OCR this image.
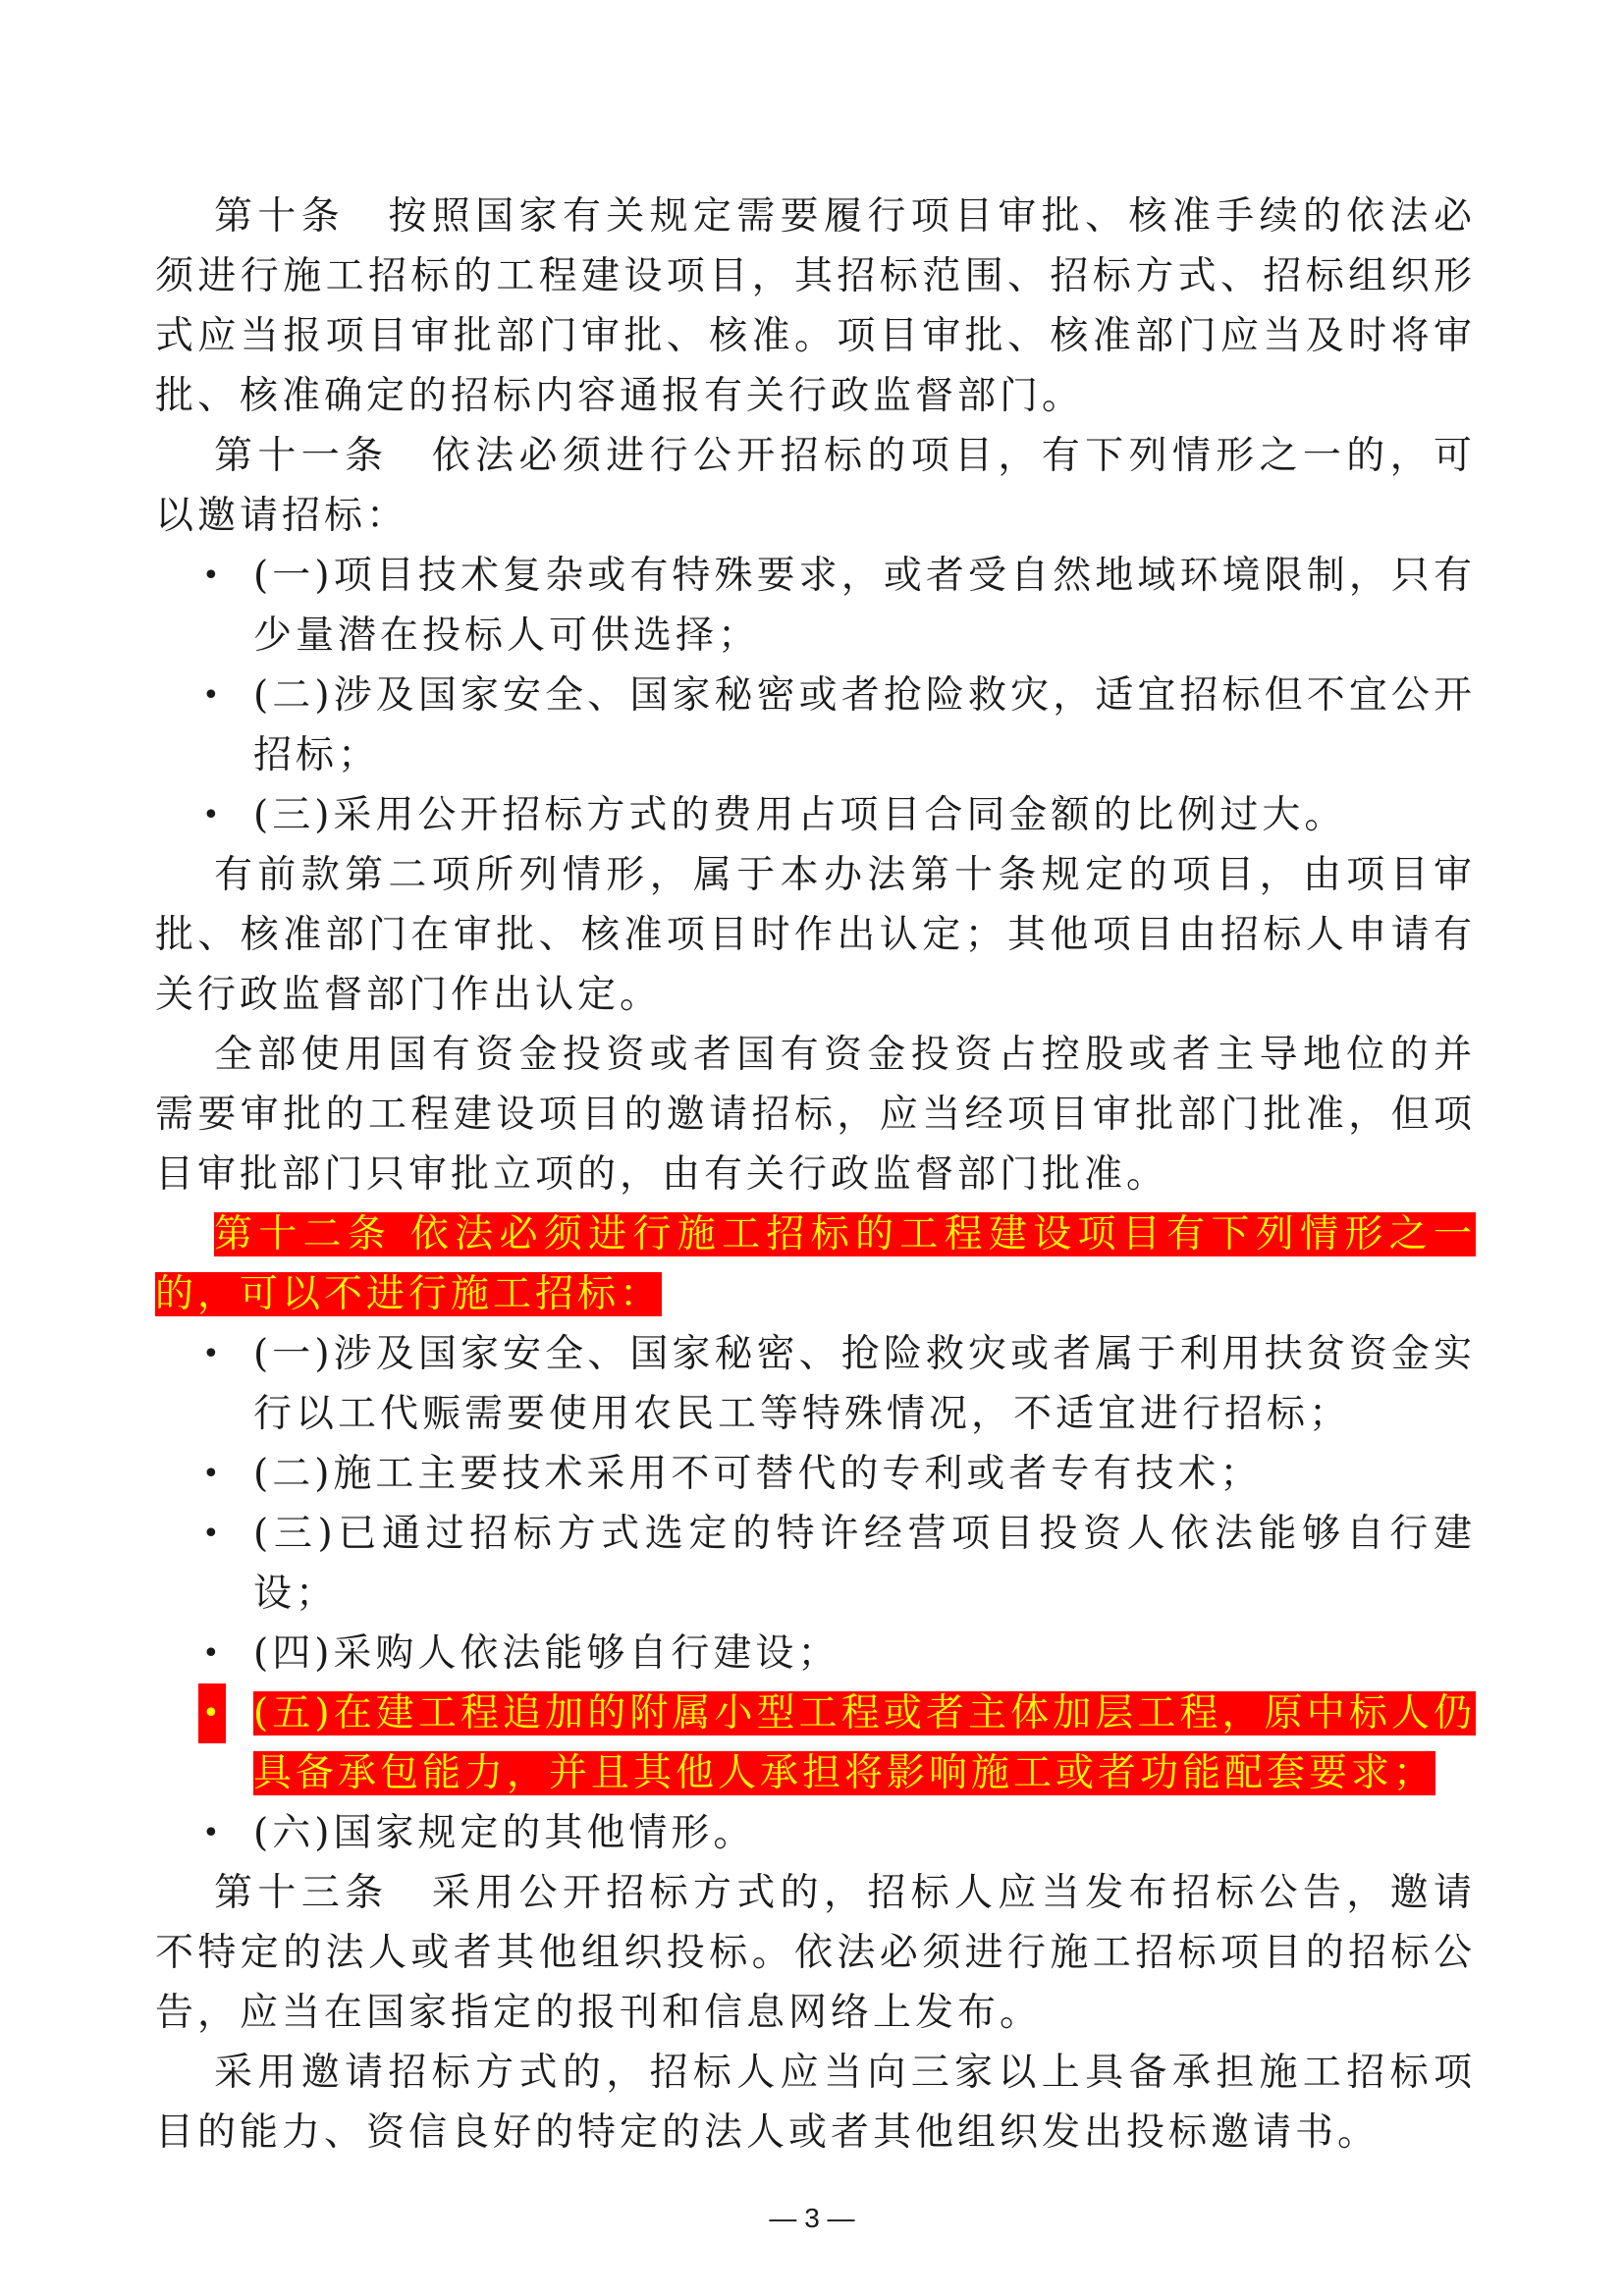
第十条　按照国家有关规定需要履行项目审批、核准手续的依法必须进行施工招标的工程建设项目，其招标范围、招标方式、招标组织形式应当报项目审批部门审批、核准。项目审批、核准部门应当及时将审批、核准确定的招标内容通报有关行政监督部门。

第十一条　依法必须进行公开招标的项目，有下列情形之一的，可以邀请招标：

• (一)项目技术复杂或有特殊要求，或者受自然地域环境限制，只有少量潜在投标人可供选择；
• (二)涉及国家安全、国家秘密或者抢险救灾，适宜招标但不宜公开招标；
• (三)采用公开招标方式的费用占项目合同金额的比例过大。

有前款第二项所列情形，属于本办法第十条规定的项目，由项目审批、核准部门在审批、核准项目时作出认定；其他项目由招标人申请有关行政监督部门作出认定。

全部使用国有资金投资或者国有资金投资占控股或者主导地位的并需要审批的工程建设项目的邀请招标，应当经项目审批部门批准，但项目审批部门只审批立项的，由有关行政监督部门批准。

第十二条 依法必须进行施工招标的工程建设项目有下列情形之一的，可以不进行施工招标：

• (一)涉及国家安全、国家秘密、抢险救灾或者属于利用扶贫资金实行以工代赈需要使用农民工等特殊情况，不适宜进行招标；
• (二)施工主要技术采用不可替代的专利或者专有技术；
• (三)已通过招标方式选定的特许经营项目投资人依法能够自行建设；
• (四)采购人依法能够自行建设；
• (五)在建工程追加的附属小型工程或者主体加层工程，原中标人仍具备承包能力，并且其他人承担将影响施工或者功能配套要求；
• (六)国家规定的其他情形。

第十三条　采用公开招标方式的，招标人应当发布招标公告，邀请不特定的法人或者其他组织投标。依法必须进行施工招标项目的招标公告，应当在国家指定的报刊和信息网络上发布。

采用邀请招标方式的，招标人应当向三家以上具备承担施工招标项目的能力、资信良好的特定的法人或者其他组织发出投标邀请书。

— 3 —
